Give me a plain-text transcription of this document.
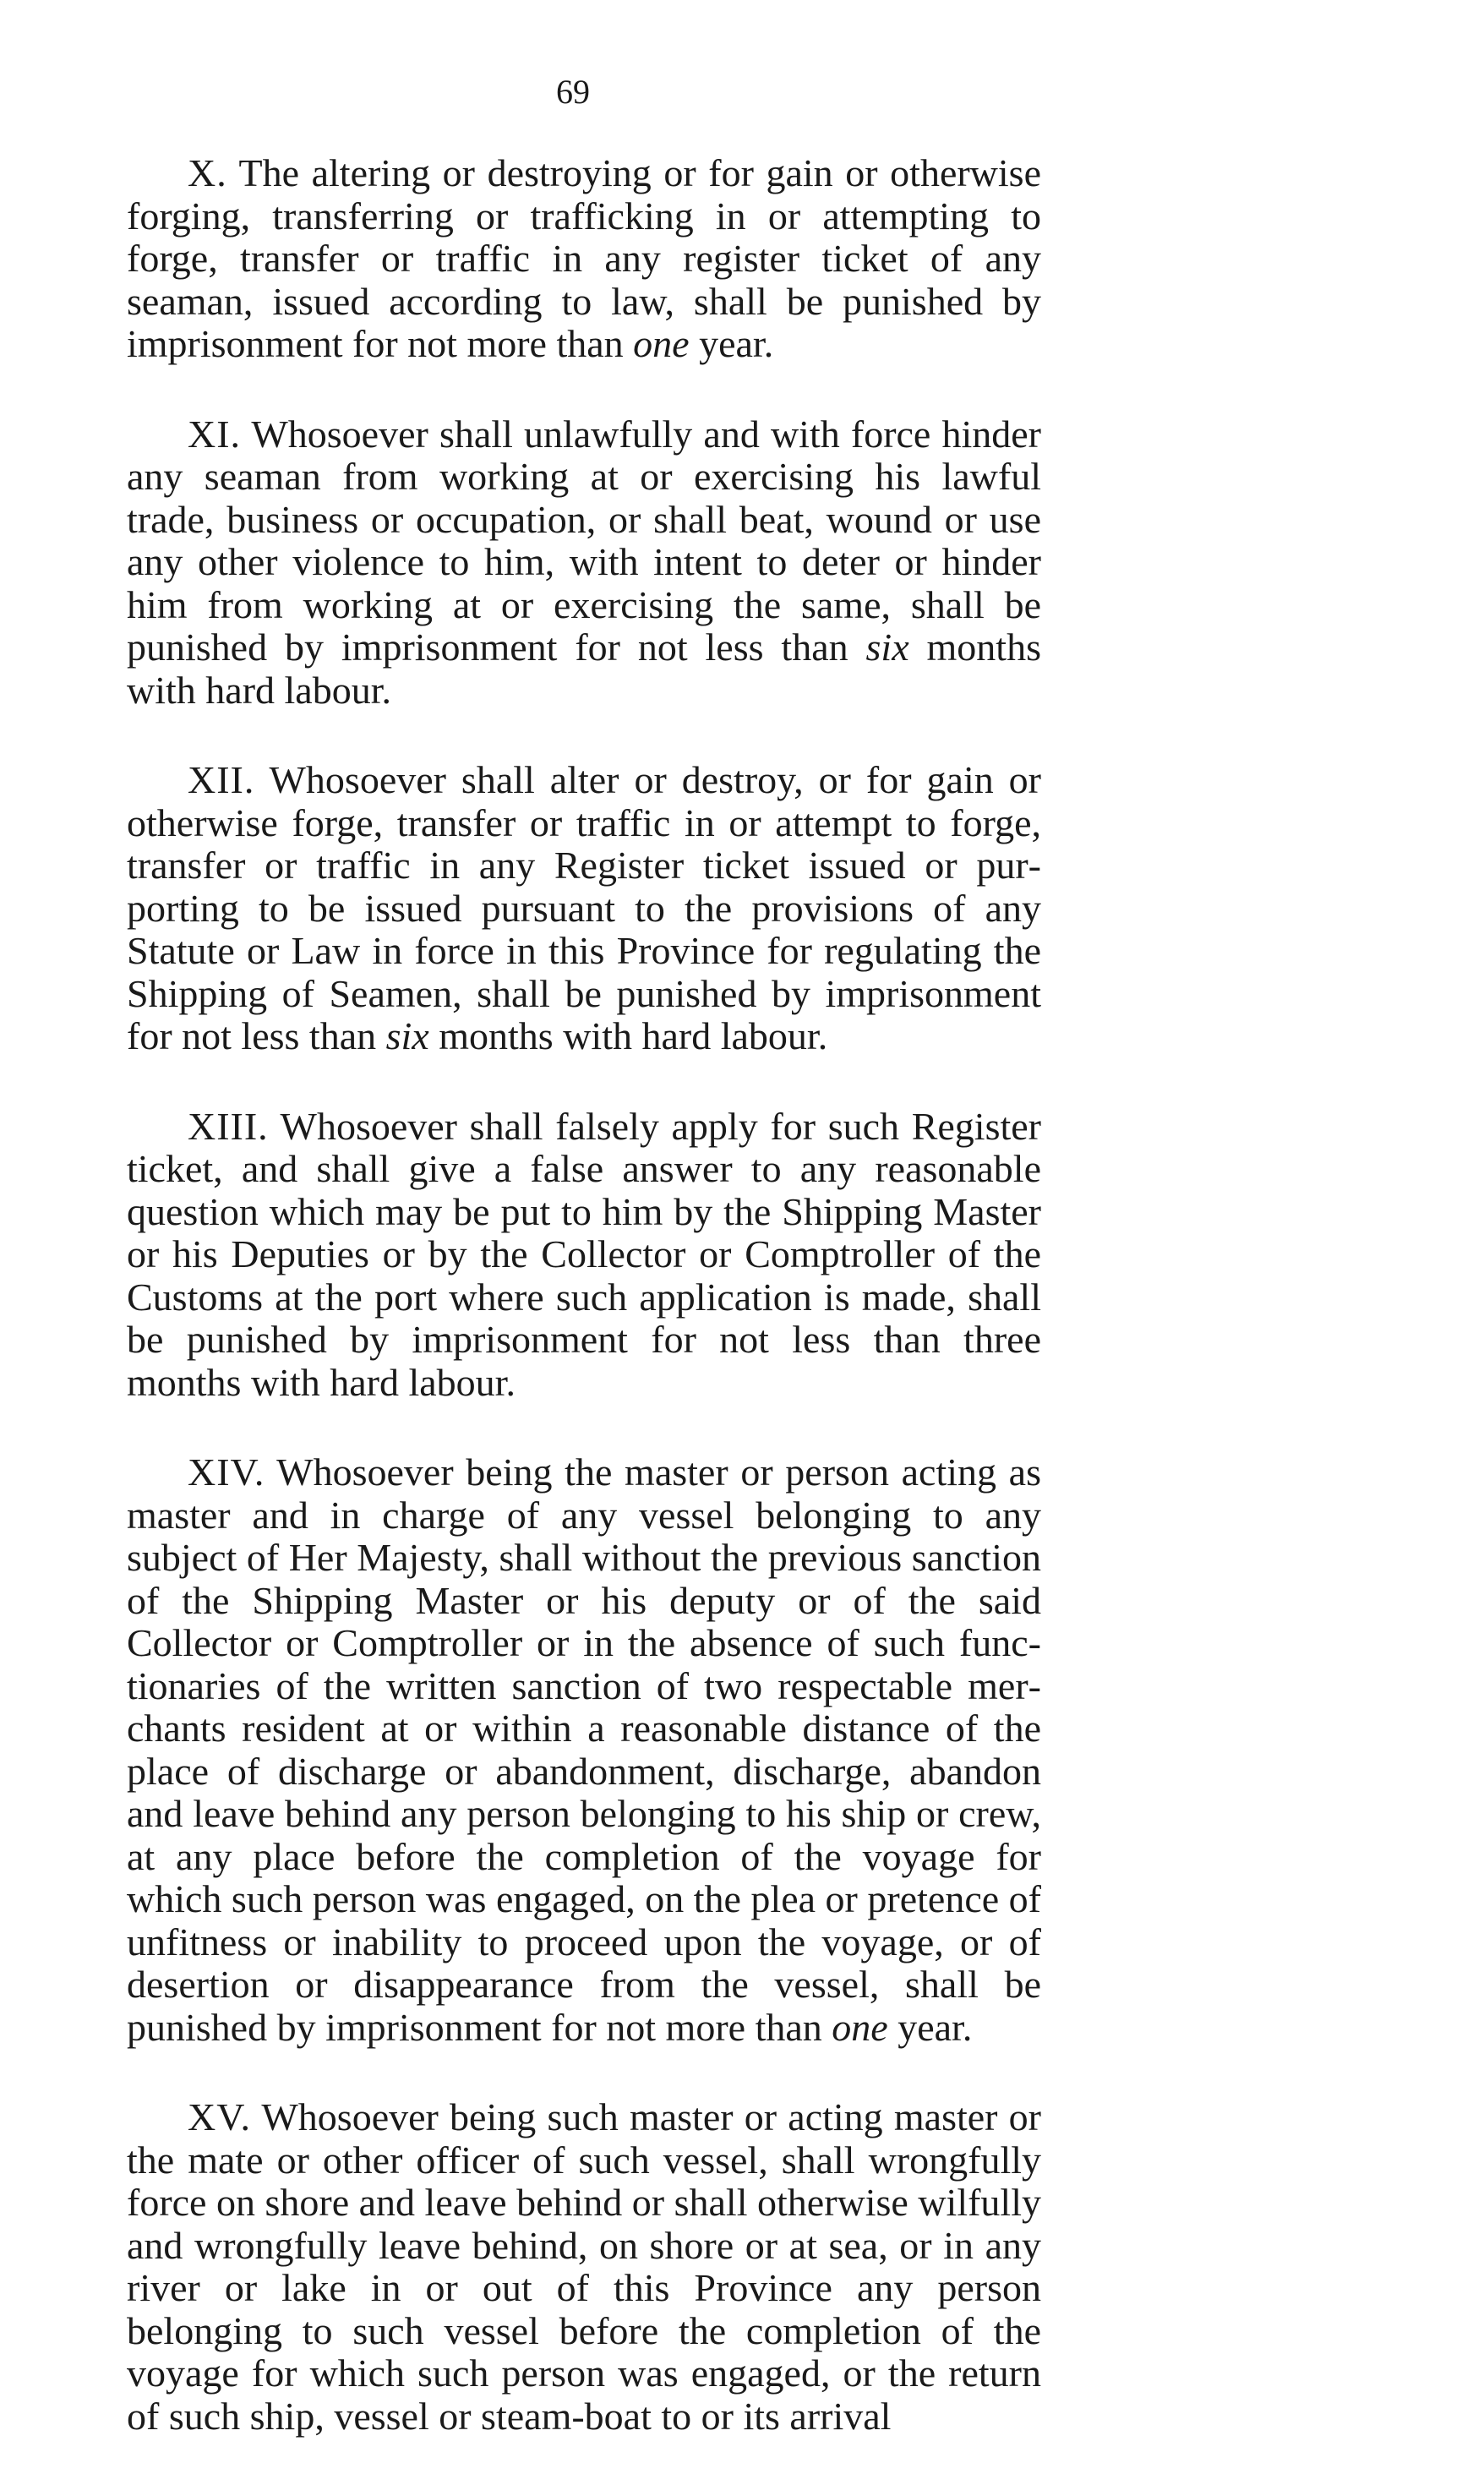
69

X. The altering or destroying or for gain or otherwise forging, transferring or trafficking in or attempting to forge, transfer or traffic in any register ticket of any seaman, issued according to law, shall be punished by imprisonment for not more than one year.

XI. Whosoever shall unlawfully and with force hinder any seaman from working at or exercising his lawful trade, business or occupation, or shall beat, wound or use any other violence to him, with intent to deter or hinder him from working at or exercising the same, shall be punished by imprisonment for not less than six months with hard labour.

XII. Whosoever shall alter or destroy, or for gain or otherwise forge, transfer or traffic in or attempt to forge, transfer or traffic in any Register ticket issued or purporting to be issued pursuant to the provisions of any Statute or Law in force in this Province for regulating the Shipping of Seamen, shall be punished by imprisonment for not less than six months with hard labour.

XIII. Whosoever shall falsely apply for such Register ticket, and shall give a false answer to any reasonable question which may be put to him by the Shipping Master or his Deputies or by the Collector or Comptroller of the Customs at the port where such application is made, shall be punished by imprisonment for not less than three months with hard labour.

XIV. Whosoever being the master or person acting as master and in charge of any vessel belonging to any subject of Her Majesty, shall without the previous sanction of the Shipping Master or his deputy or of the said Collector or Comptroller or in the absence of such functionaries of the written sanction of two respectable merchants resident at or within a reasonable distance of the place of discharge or abandonment, discharge, abandon and leave behind any person belonging to his ship or crew, at any place before the completion of the voyage for which such person was engaged, on the plea or pretence of unfitness or inability to proceed upon the voyage, or of desertion or disappearance from the vessel, shall be punished by imprisonment for not more than one year.

XV. Whosoever being such master or acting master or the mate or other officer of such vessel, shall wrongfully force on shore and leave behind or shall otherwise wilfully and wrongfully leave behind, on shore or at sea, or in any river or lake in or out of this Province any person belonging to such vessel before the completion of the voyage for which such person was engaged, or the return of such ship, vessel or steam-boat to or its arrival
